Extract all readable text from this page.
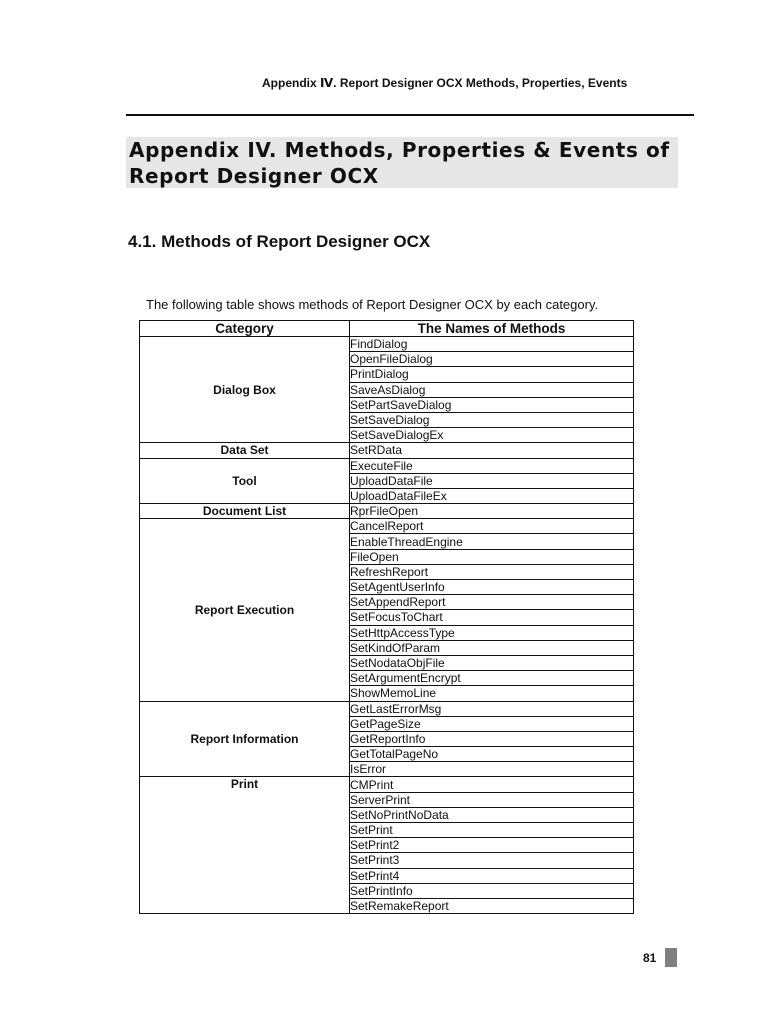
Appendix Ⅳ. Report Designer OCX Methods, Properties, Events
Appendix IV. Methods, Properties & Events of Report Designer OCX
4.1. Methods of Report Designer OCX

The following table shows methods of Report Designer OCX by each category.

Category	The Names of Methods
Dialog Box	FindDialog
	OpenFileDialog
	PrintDialog
	SaveAsDialog
	SetPartSaveDialog
	SetSaveDialog
	SetSaveDialogEx
Data Set	SetRData
Tool	ExecuteFile
	UploadDataFile
	UploadDataFileEx
Document List	RprFileOpen
Report Execution	CancelReport
	EnableThreadEngine
	FileOpen
	RefreshReport
	SetAgentUserInfo
	SetAppendReport
	SetFocusToChart
	SetHttpAccessType
	SetKindOfParam
	SetNodataObjFile
	SetArgumentEncrypt
	ShowMemoLine
Report Information	GetLastErrorMsg
	GetPageSize
	GetReportInfo
	GetTotalPageNo
	IsError
Print	CMPrint
	ServerPrint
	SetNoPrintNoData
	SetPrint
	SetPrint2
	SetPrint3
	SetPrint4
	SetPrintInfo
	SetRemakeReport
81
